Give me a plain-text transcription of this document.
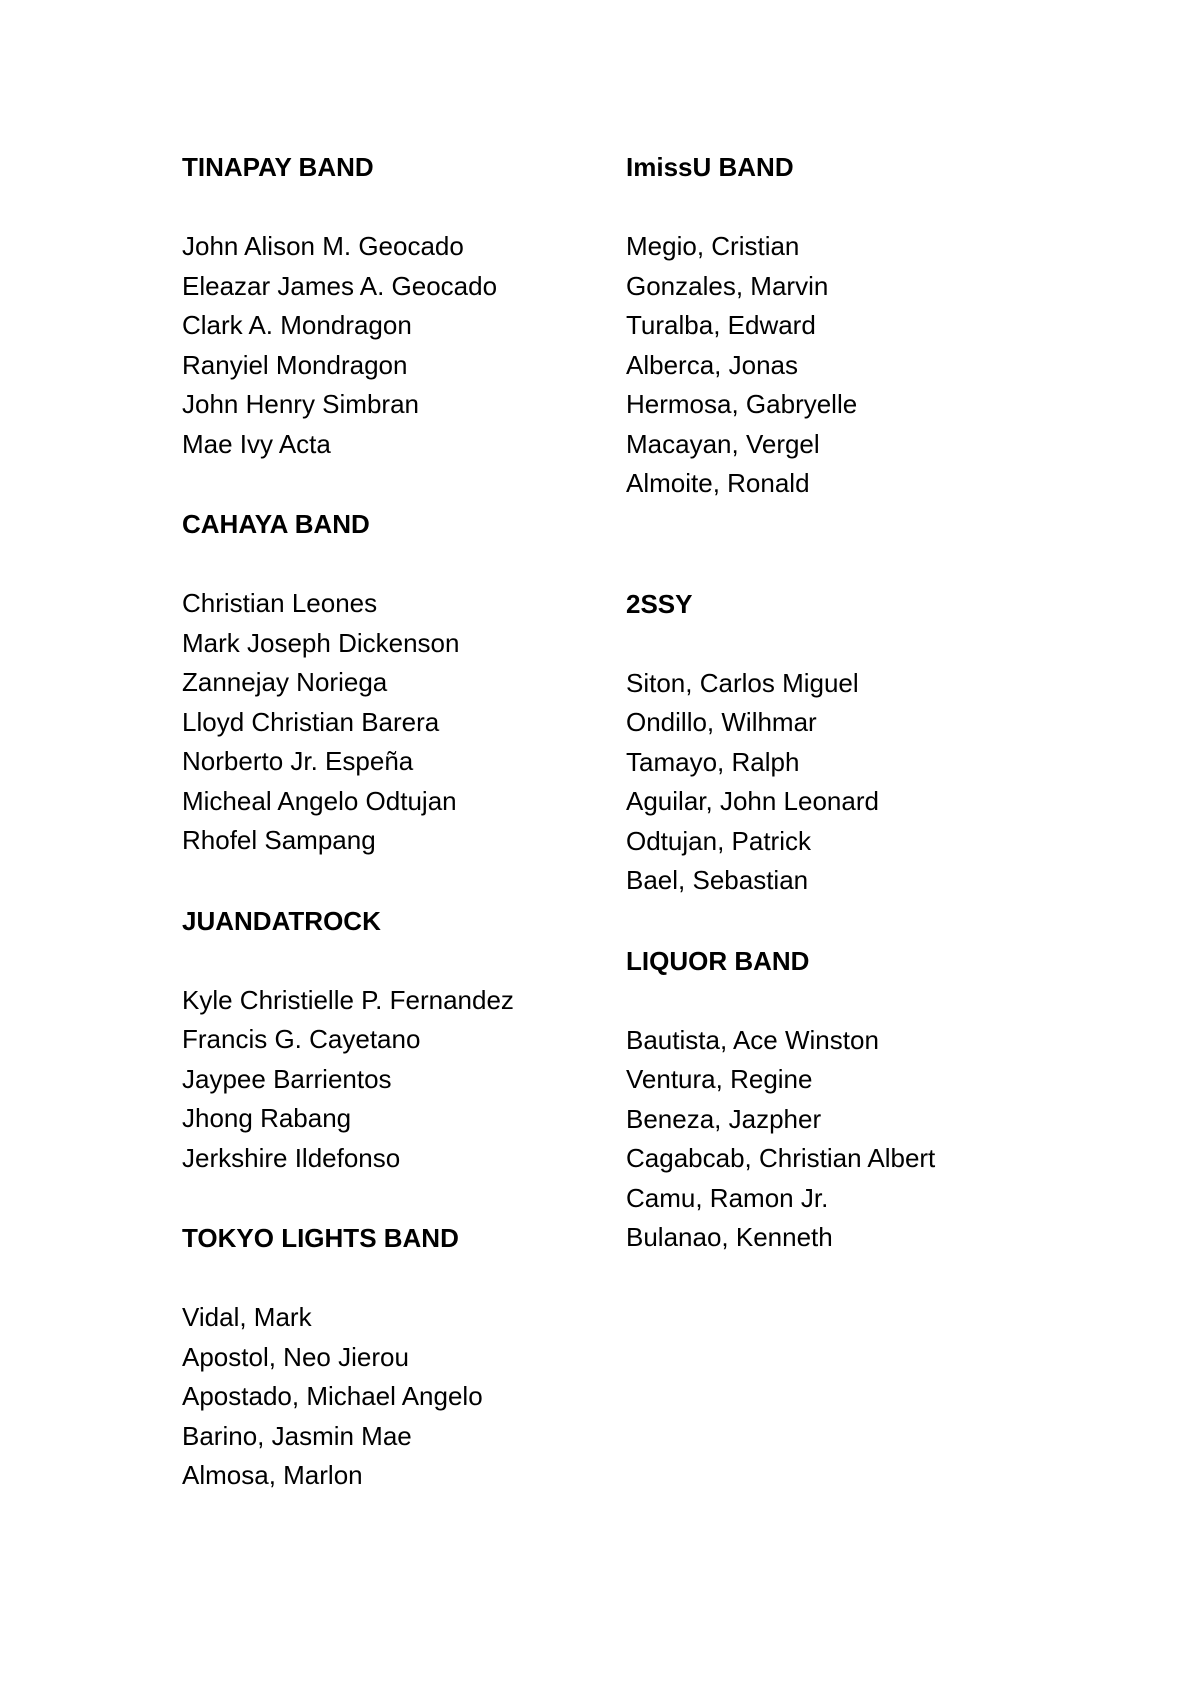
TINAPAY BAND
John Alison M. Geocado
Eleazar James A. Geocado
Clark A. Mondragon
Ranyiel Mondragon
John Henry Simbran
Mae Ivy Acta
CAHAYA BAND
Christian Leones
Mark Joseph Dickenson
Zannejay Noriega
Lloyd Christian Barera
Norberto Jr. Espeña
Micheal Angelo Odtujan
Rhofel Sampang
JUANDATROCK
Kyle Christielle P. Fernandez
Francis G. Cayetano
Jaypee Barrientos
Jhong Rabang
Jerkshire Ildefonso
TOKYO LIGHTS BAND
Vidal, Mark
Apostol, Neo Jierou
Apostado, Michael Angelo
Barino, Jasmin Mae
Almosa, Marlon
ImissU BAND
Megio, Cristian
Gonzales, Marvin
Turalba, Edward
Alberca, Jonas
Hermosa, Gabryelle
Macayan, Vergel
Almoite, Ronald
2SSY
Siton, Carlos Miguel
Ondillo, Wilhmar
Tamayo, Ralph
Aguilar, John Leonard
Odtujan, Patrick
Bael, Sebastian
LIQUOR BAND
Bautista, Ace Winston
Ventura, Regine
Beneza, Jazpher
Cagabcab, Christian Albert
Camu, Ramon Jr.
Bulanao, Kenneth
